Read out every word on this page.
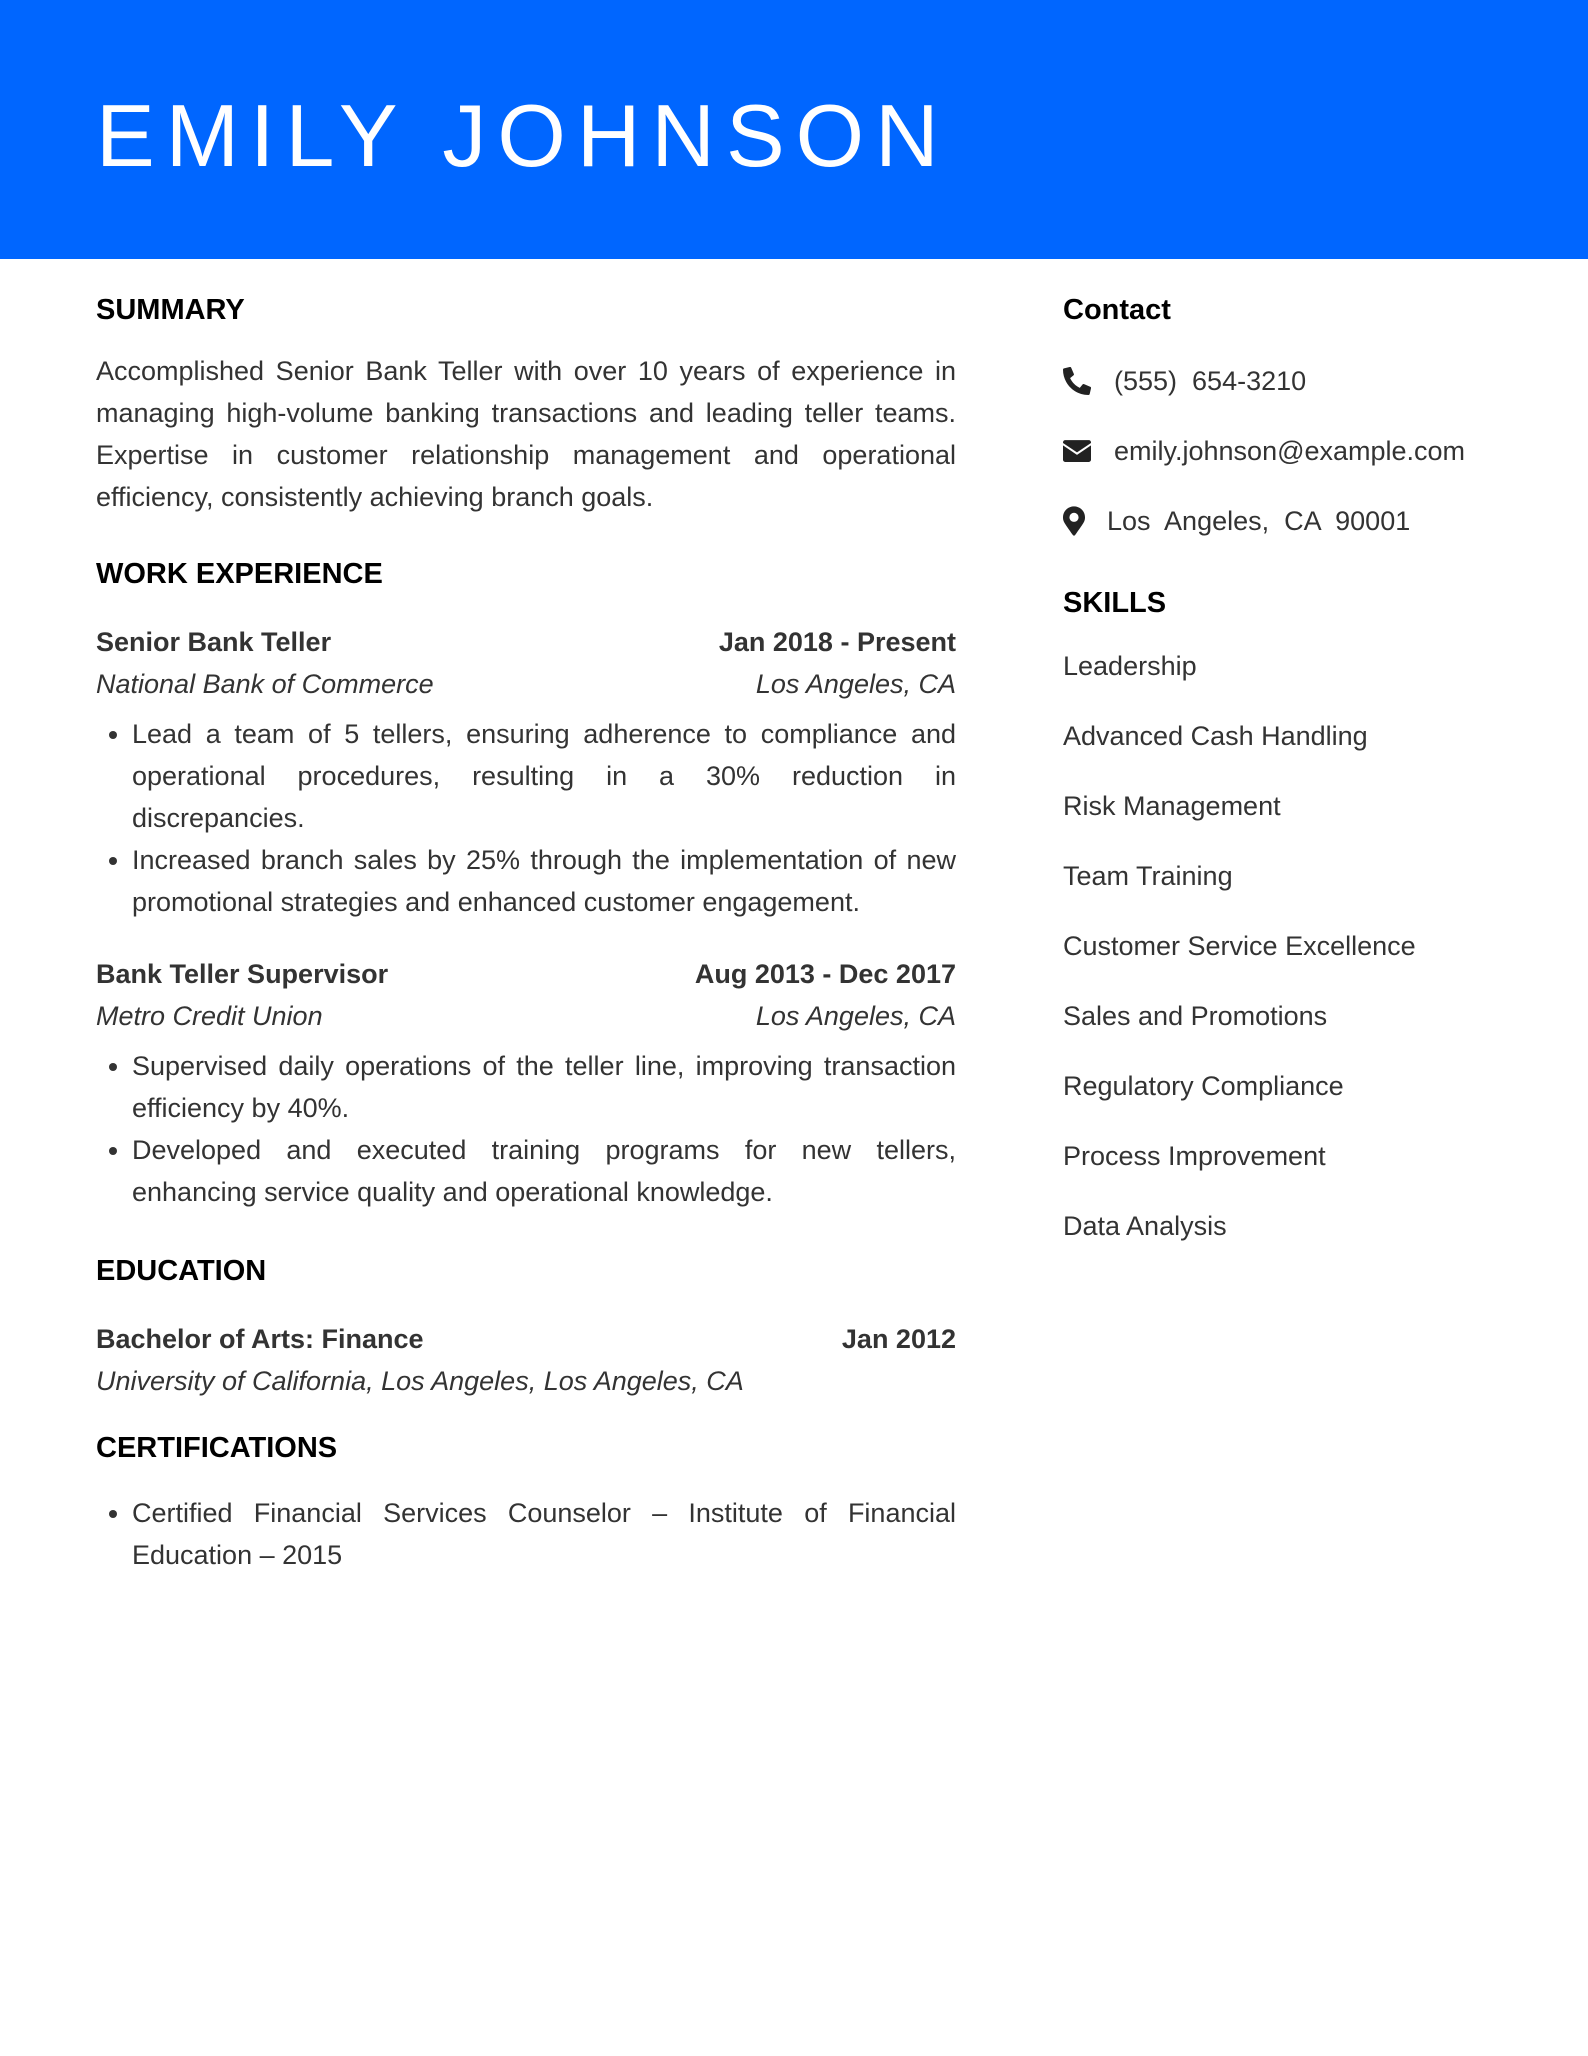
EMILY JOHNSON
SUMMARY

Accomplished Senior Bank Teller with over 10 years of experience in managing high-volume banking transactions and leading teller teams. Expertise in customer relationship management and operational efficiency, consistently achieving branch goals.

WORK EXPERIENCE
Senior Bank Teller	Jan 2018 - Present
National Bank of Commerce	Los Angeles, CA
• Lead a team of 5 tellers, ensuring adherence to compliance and operational procedures, resulting in a 30% reduction in discrepancies.
• Increased branch sales by 25% through the implementation of new promotional strategies and enhanced customer engagement.
Bank Teller Supervisor	Aug 2013 - Dec 2017
Metro Credit Union	Los Angeles, CA
• Supervised daily operations of the teller line, improving transaction efficiency by 40%.
• Developed and executed training programs for new tellers, enhancing service quality and operational knowledge.
EDUCATION
Bachelor of Arts: Finance	Jan 2012
University of California, Los Angeles, Los Angeles, CA
CERTIFICATIONS
• Certified Financial Services Counselor – Institute of Financial Education – 2015
Contact
(555)  654-3210
emily.johnson@example.com
Los  Angeles,  CA  90001
SKILLS
Leadership
Advanced Cash Handling
Risk Management
Team Training
Customer Service Excellence
Sales and Promotions
Regulatory Compliance
Process Improvement
Data Analysis
